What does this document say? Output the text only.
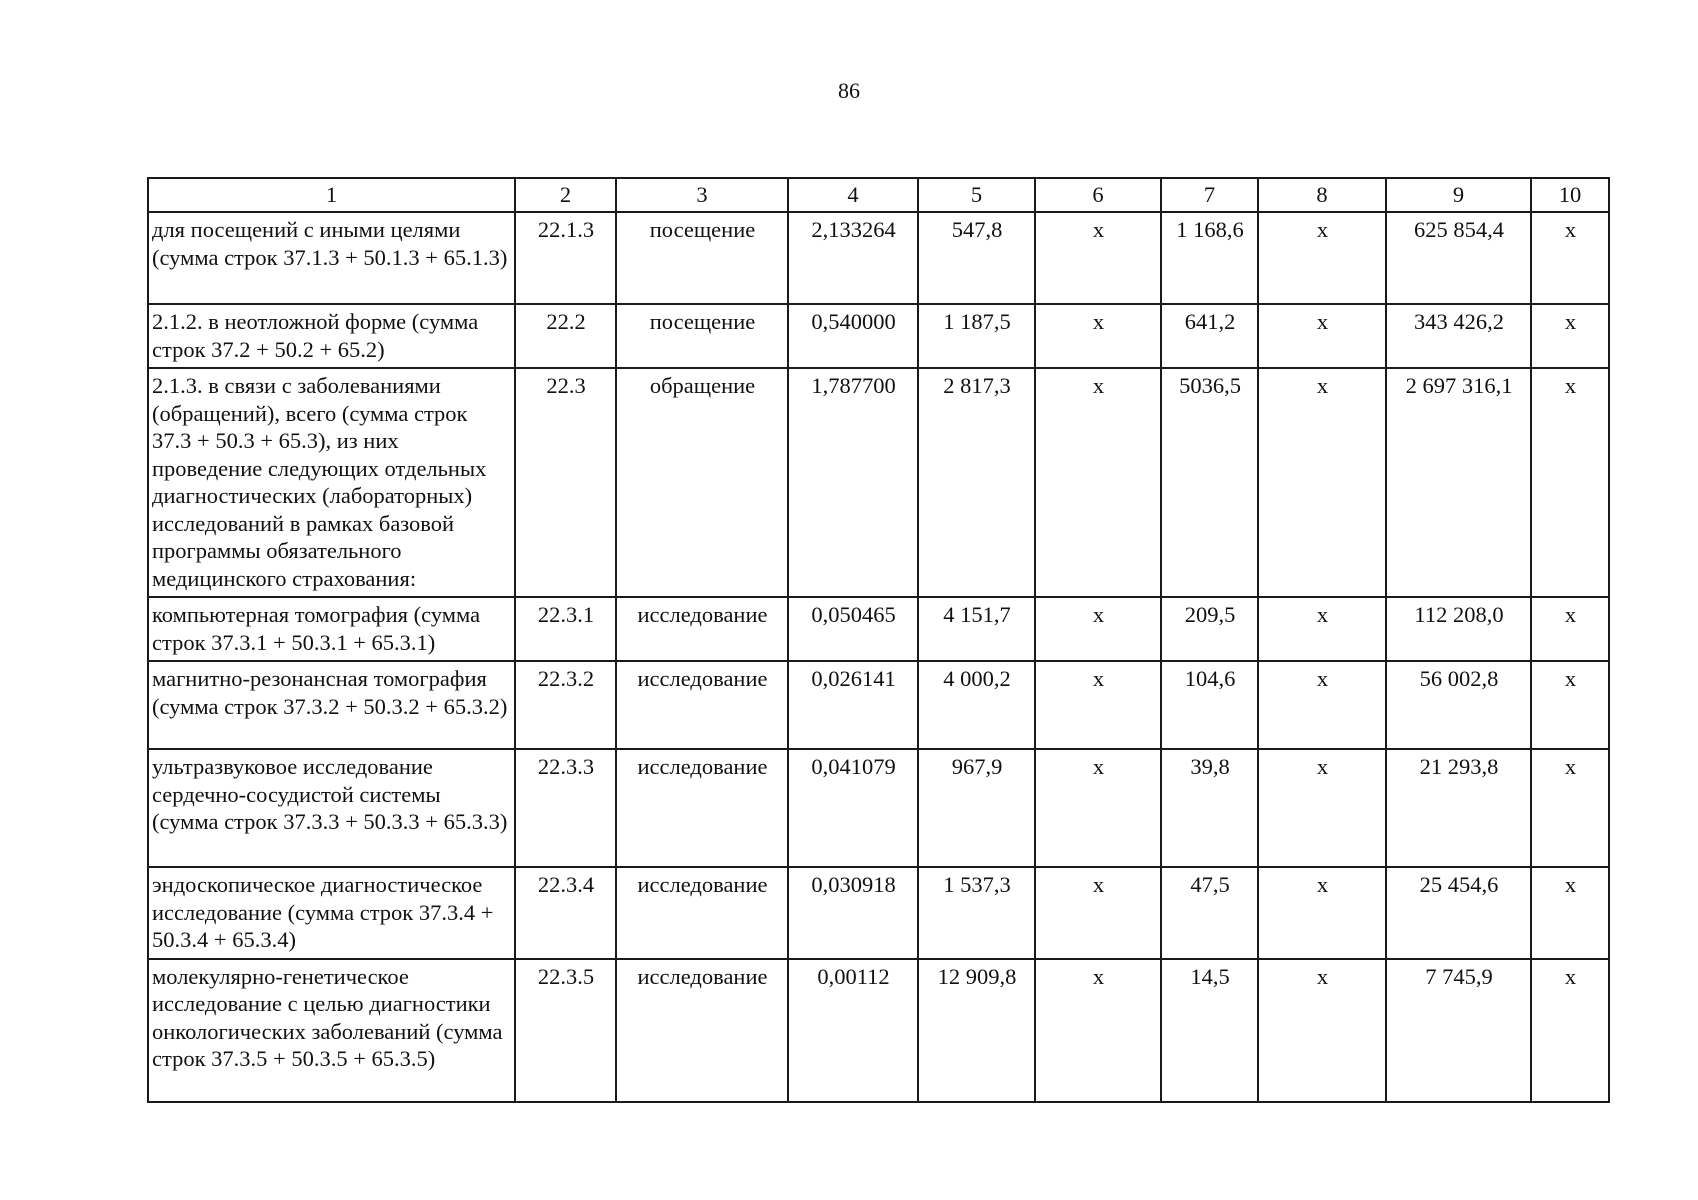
86
1	2	3	4	5	6	7	8	9	10
для посещений с иными целями (сумма строк 37.1.3 + 50.1.3 + 65.1.3)	22.1.3	посещение	2,133264	547,8	х	1 168,6	х	625 854,4	х
2.1.2. в неотложной форме (сумма строк 37.2 + 50.2 + 65.2)	22.2	посещение	0,540000	1 187,5	х	641,2	х	343 426,2	х
2.1.3. в связи с заболеваниями (обращений), всего (сумма строк 37.3 + 50.3 + 65.3), из них проведение следующих отдельных диагностических (лабораторных) исследований в рамках базовой программы обязательного медицинского страхования:	22.3	обращение	1,787700	2 817,3	х	5036,5	х	2 697 316,1	х
компьютерная томография (сумма строк 37.3.1 + 50.3.1 + 65.3.1)	22.3.1	исследование	0,050465	4 151,7	х	209,5	х	112 208,0	х
магнитно-резонансная томография (сумма строк 37.3.2 + 50.3.2 + 65.3.2)	22.3.2	исследование	0,026141	4 000,2	х	104,6	х	56 002,8	х
ультразвуковое исследование сердечно-сосудистой системы (сумма строк 37.3.3 + 50.3.3 + 65.3.3)	22.3.3	исследование	0,041079	967,9	х	39,8	х	21 293,8	х
эндоскопическое диагностическое исследование (сумма строк 37.3.4 + 50.3.4 + 65.3.4)	22.3.4	исследование	0,030918	1 537,3	х	47,5	х	25 454,6	х
молекулярно-генетическое исследование с целью диагностики онкологических заболеваний (сумма строк 37.3.5 + 50.3.5 + 65.3.5)	22.3.5	исследование	0,00112	12 909,8	х	14,5	х	7 745,9	х
